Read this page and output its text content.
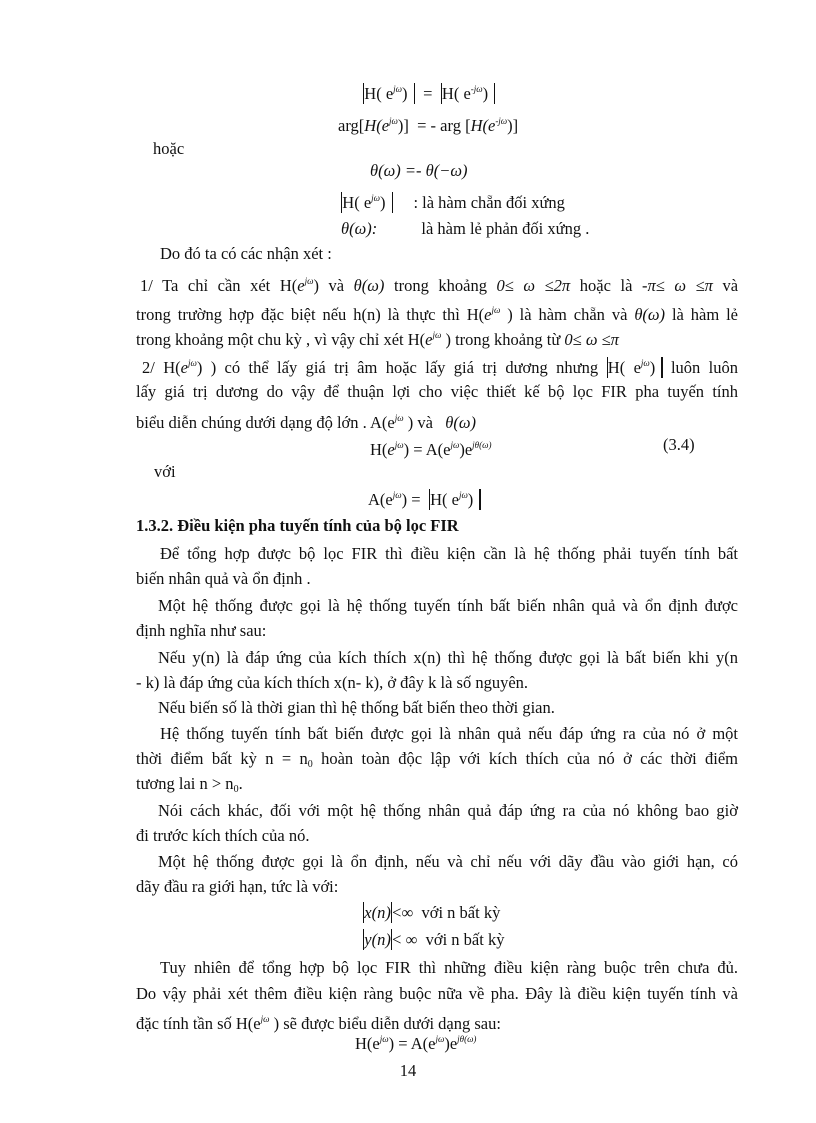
H( $e^{j\omega}) = H$( $e^{-j\omega}$)
$arg[H(e^{j\omega})]$  = - arg $[H(e^{-j\omega})]$
hoặc
θ(ω) =- θ(−ω)
H( $e^{j\omega}$) : là hàm chẵn đối xứng
θ(ω):	là hàm lẻ phản đối xứng .
Do đó ta có các nhận xét :
1/ Ta chỉ cần xét $H(e^{j\omega})$ và θ(ω) trong khoảng 0≤ ω ≤2π hoặc là -π≤ ω ≤π và
trong trường hợp đặc biệt nếu h(n) là thực thì $H(e^{j\omega}$ ) là hàm chẵn và θ(ω) là hàm lẻ
trong khoảng một chu kỳ , vì vậy chỉ xét $H(e^{j\omega}$ ) trong khoảng từ 0≤ ω ≤π
2/ $H(e^{j\omega})$ ) có thể lấy giá trị âm hoặc lấy giá trị dương nhưng H( $e^{j\omega}$) luôn luôn
lấy giá trị dương do vậy để thuận lợi cho việc thiết kế bộ lọc FIR pha tuyến tính
biểu diễn chúng dưới dạng độ lớn . $A(e^{j\omega}$ ) và θ(ω)
$H(e^{j\omega}) = A(e^{j\omega})e^{j\theta(\omega)}$	(3.4)
với
$A(e^{j\omega}) = H$( $e^{j\omega}$)
1.3.2. Điều kiện pha tuyến tính của bộ lọc FIR
Để tổng hợp được bộ lọc FIR thì điều kiện cần là hệ thống phải tuyến tính bất
biến nhân quả và ổn định .
Một hệ thống được gọi là hệ thống tuyến tính bất biến nhân quả và ổn định được
định nghĩa như sau:
Nếu y(n) là đáp ứng của kích thích x(n) thì hệ thống được gọi là bất biến khi y(n
- k) là đáp ứng của kích thích x(n- k), ở đây k là số nguyên.
Nếu biến số là thời gian thì hệ thống bất biến theo thời gian.
Hệ thống tuyến tính bất biến được gọi là nhân quả nếu đáp ứng ra của nó ở một
thời điểm bất kỳ $n = n_0$ hoàn toàn độc lập với kích thích của nó ở các thời điểm
tương lai $n > n_0$.
Nói cách khác, đối với một hệ thống nhân quả đáp ứng ra của nó không bao giờ
đi trước kích thích của nó.
Một hệ thống được gọi là ổn định, nếu và chỉ nếu với dãy đầu vào giới hạn, có
dãy đầu ra giới hạn, tức là với:
x(n)<∞ với n bất kỳ
y(n)< ∞ với n bất kỳ
Tuy nhiên để tổng hợp bộ lọc FIR thì những điều kiện ràng buộc trên chưa đủ.
Do vậy phải xét thêm điều kiện ràng buộc nữa về pha. Đây là điều kiện tuyến tính và
đặc tính tần số $H(e^{j\omega}$ ) sẽ được biểu diễn dưới dạng sau:
14
$H(e^{j\omega}) = A(e^{j\omega})e^{j\theta(\omega)}$
